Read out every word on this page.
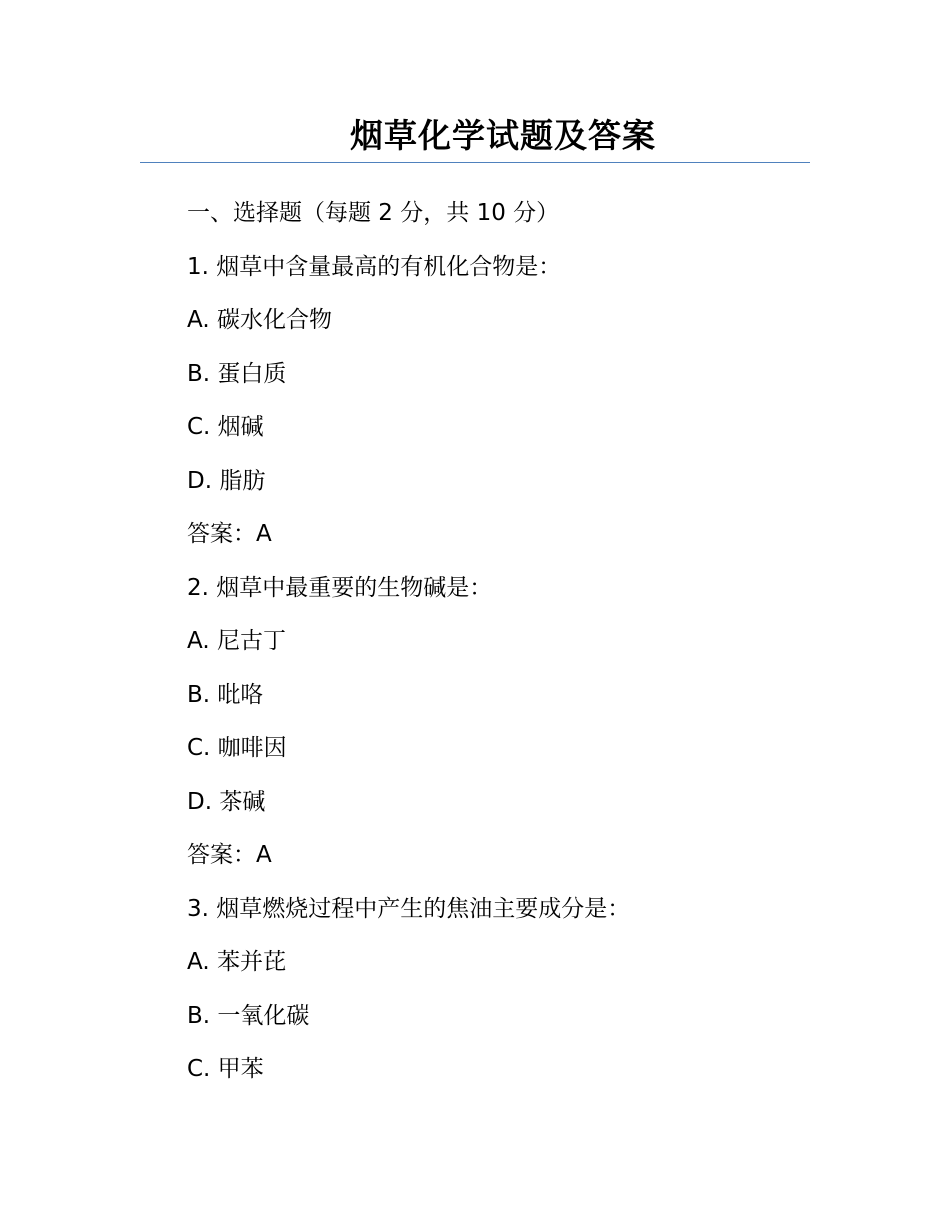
烟草化学试题及答案
一、选择题（每题 2 分，共 10 分）
1. 烟草中含量最高的有机化合物是：
A. 碳水化合物
B. 蛋白质
C. 烟碱
D. 脂肪
答案：A
2. 烟草中最重要的生物碱是：
A. 尼古丁
B. 吡咯
C. 咖啡因
D. 茶碱
答案：A
3. 烟草燃烧过程中产生的焦油主要成分是：
A. 苯并芘
B. 一氧化碳
C. 甲苯
